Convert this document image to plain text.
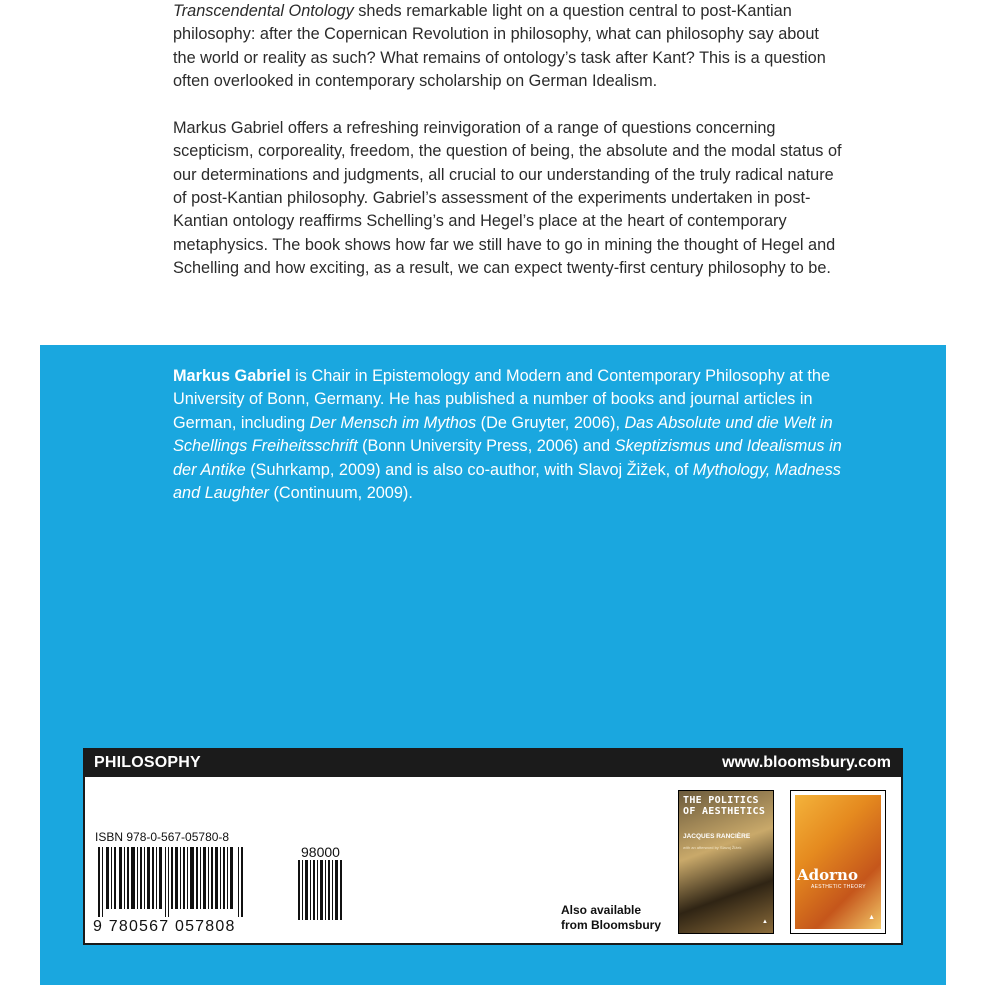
Transcendental Ontology sheds remarkable light on a question central to post-Kantian philosophy: after the Copernican Revolution in philosophy, what can philosophy say about the world or reality as such? What remains of ontology’s task after Kant? This is a question often overlooked in contemporary scholarship on German Idealism.

Markus Gabriel offers a refreshing reinvigoration of a range of questions concerning scepticism, corporeality, freedom, the question of being, the absolute and the modal status of our determinations and judgments, all crucial to our understanding of the truly radical nature of post-Kantian philosophy. Gabriel’s assessment of the experiments undertaken in post-Kantian ontology reaffirms Schelling’s and Hegel’s place at the heart of contemporary metaphysics. The book shows how far we still have to go in mining the thought of Hegel and Schelling and how exciting, as a result, we can expect twenty-first century philosophy to be.

Markus Gabriel is Chair in Epistemology and Modern and Contemporary Philosophy at the University of Bonn, Germany. He has published a number of books and journal articles in German, including Der Mensch im Mythos (De Gruyter, 2006), Das Absolute und die Welt in Schellings Freiheitsschrift (Bonn University Press, 2006) and Skeptizismus und Idealismus in der Antike (Suhrkamp, 2009) and is also co-author, with Slavoj Žižek, of Mythology, Madness and Laughter (Continuum, 2009).
PHILOSOPHY	www.bloomsbury.com
ISBN 978-0-567-05780-8
98000
9 780567 057808
Also available from Bloomsbury
THE POLITICS OF AESTHETICS
JACQUES RANCIÈRE
with an afterword by Slavoj Žižek
▲
Adorno
AESTHETIC THEORY
▲
